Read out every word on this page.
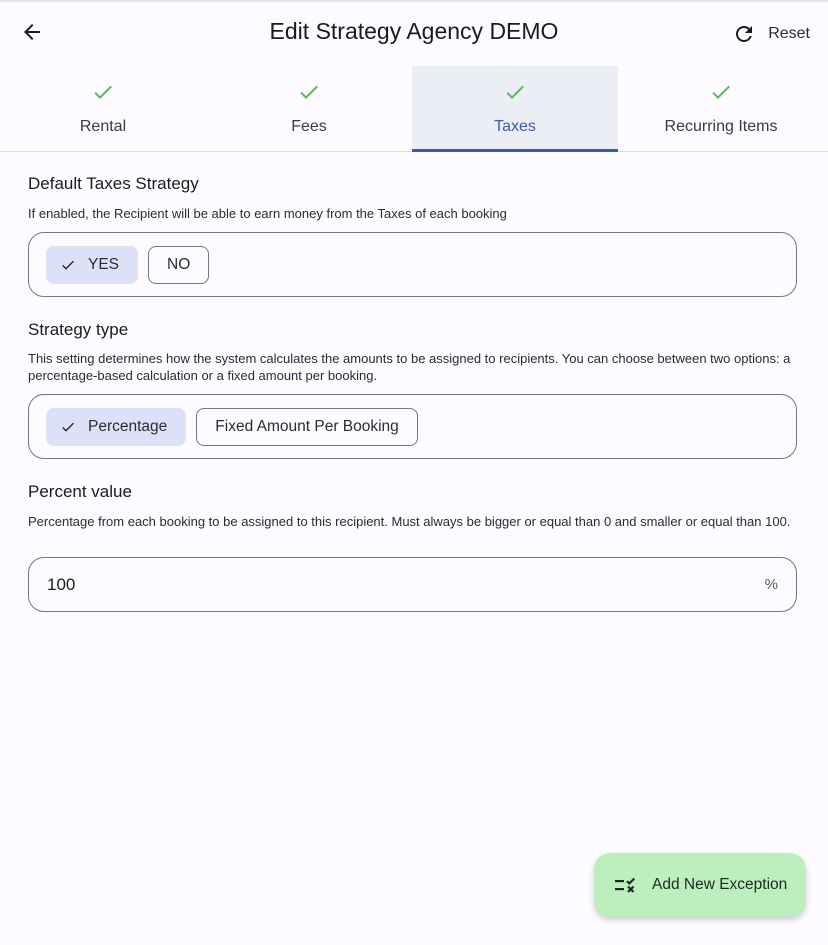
Edit Strategy Agency DEMO	Reset
Rental	Fees	Taxes	Recurring Items
Default Taxes Strategy
If enabled, the Recipient will be able to earn money from the Taxes of each booking
YES	NO
Strategy type
This setting determines how the system calculates the amounts to be assigned to recipients. You can choose between two options: a percentage-based calculation or a fixed amount per booking.
Percentage	Fixed Amount Per Booking
Percent value
Percentage from each booking to be assigned to this recipient. Must always be bigger or equal than 0 and smaller or equal than 100.
100
%
Add New Exception
